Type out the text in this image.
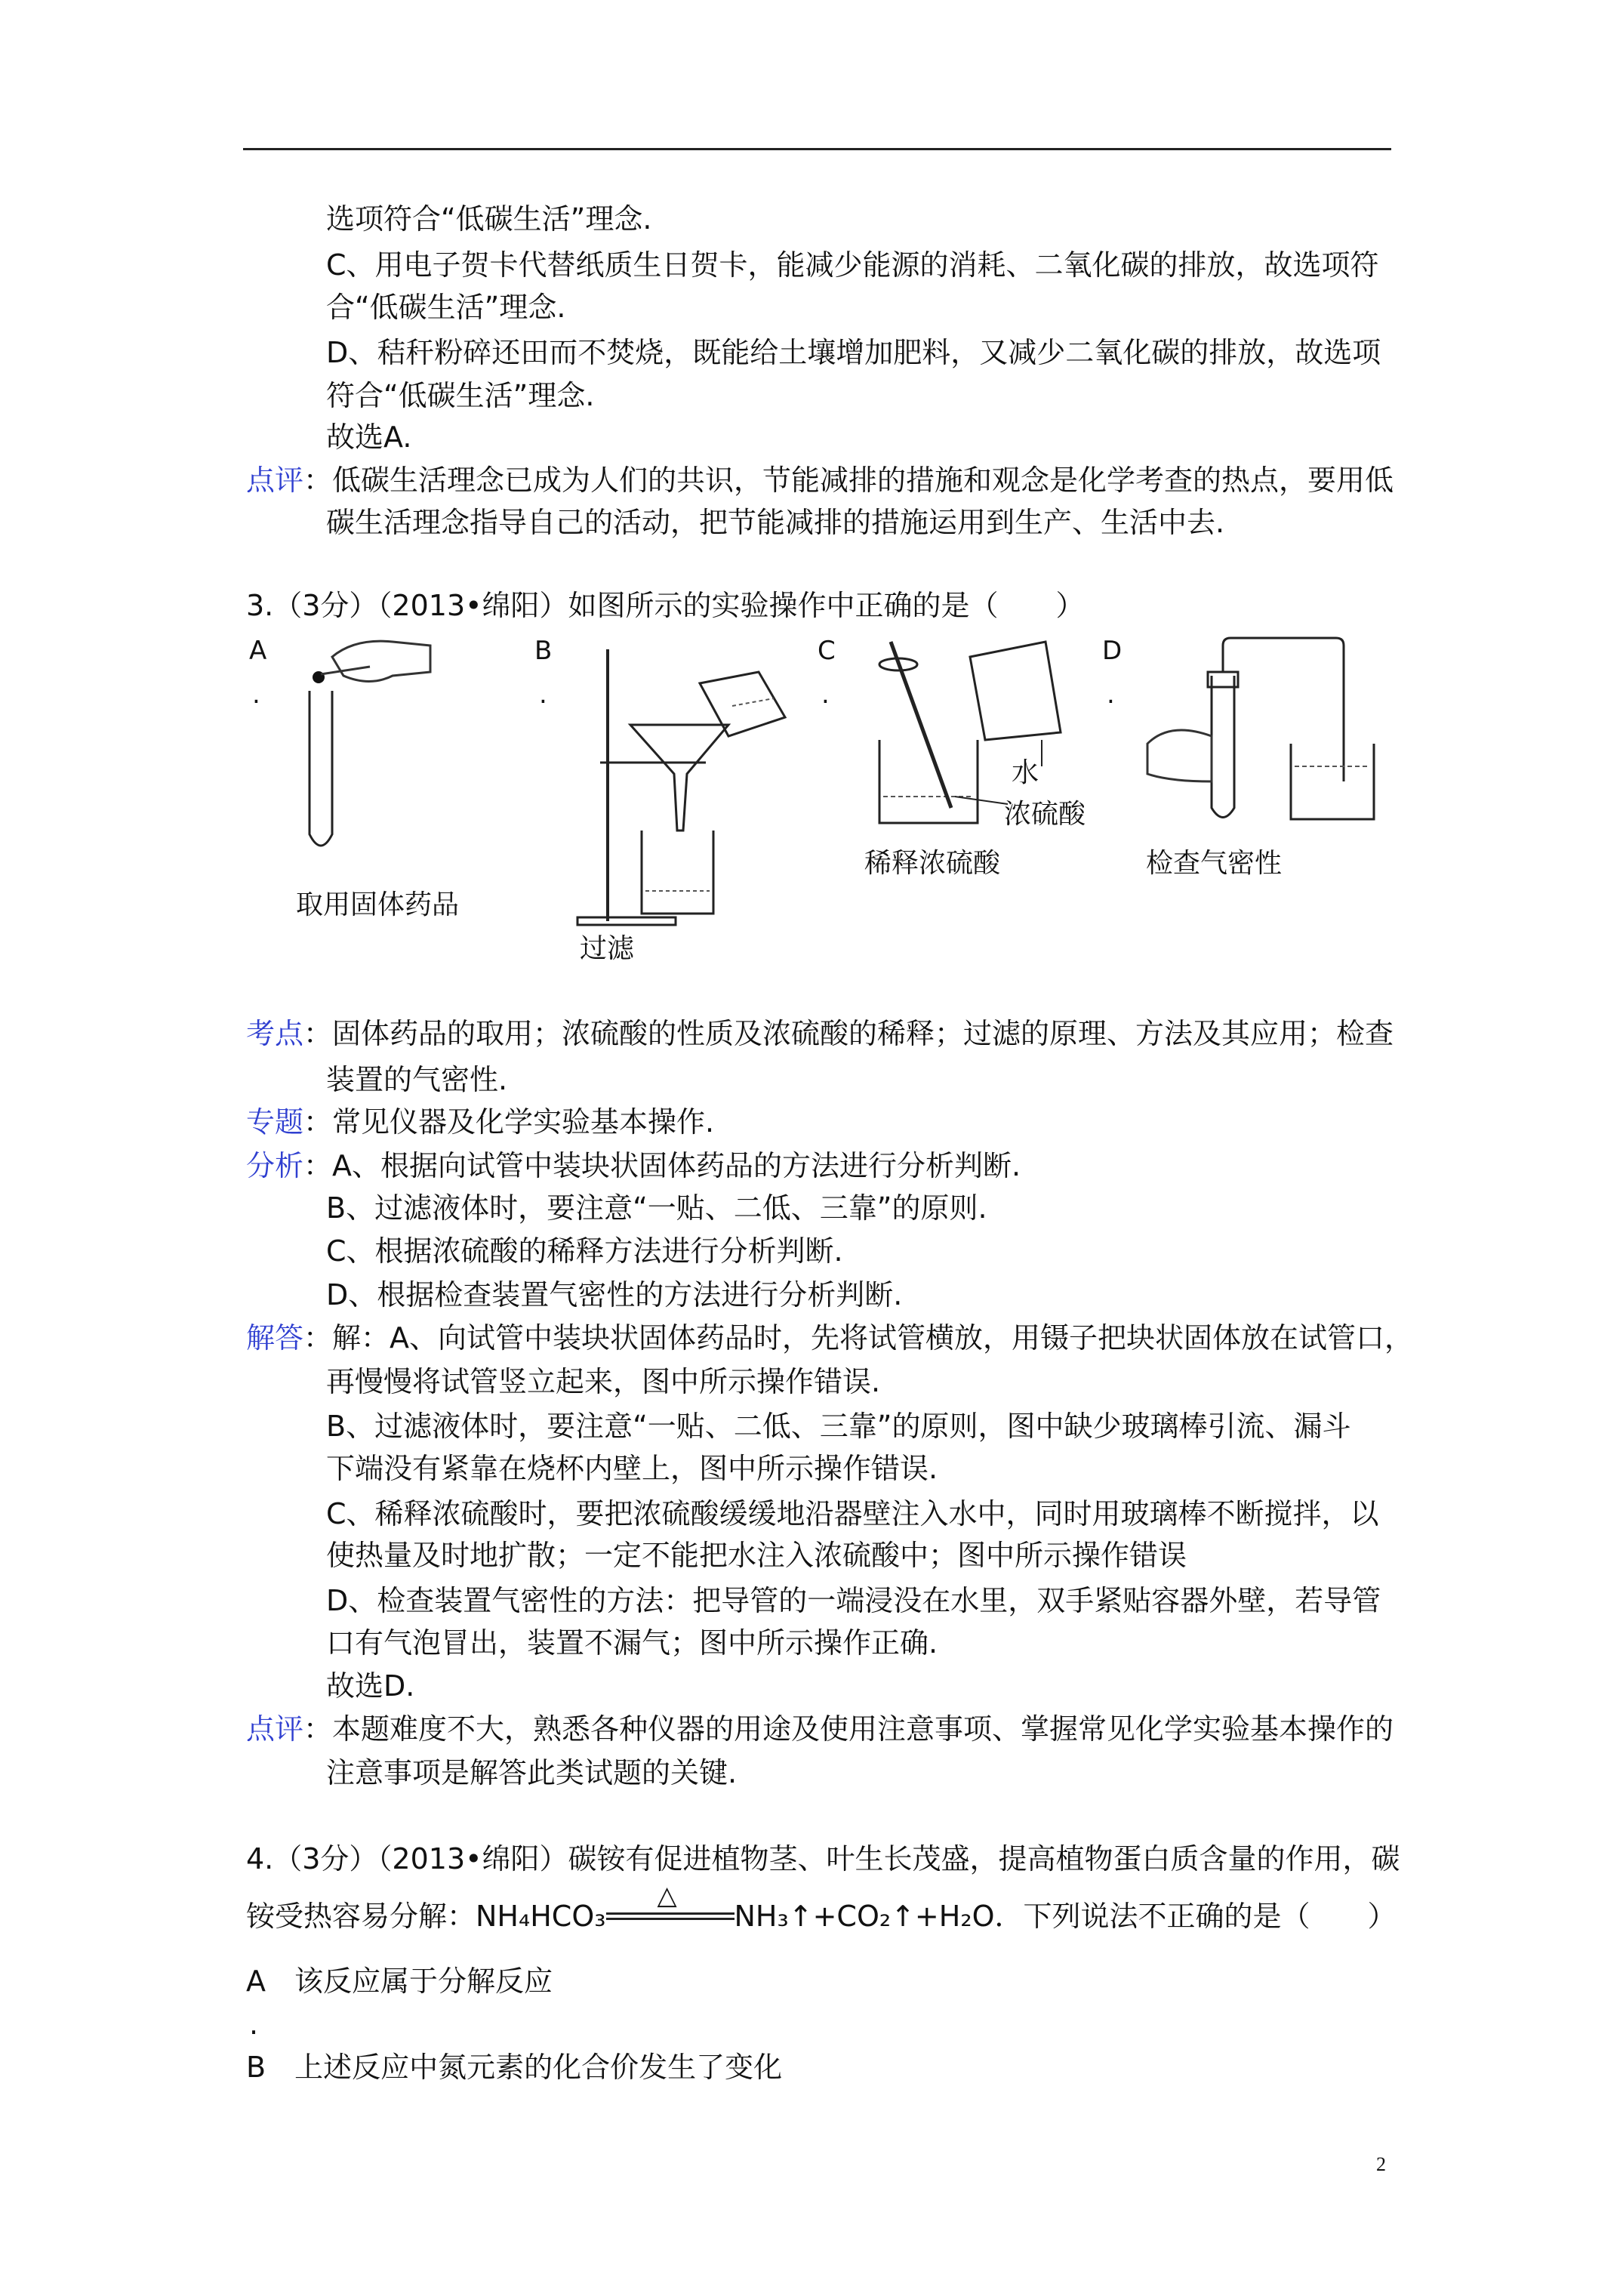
选项符合“低碳生活”理念.
C、用电子贺卡代替纸质生日贺卡，能减少能源的消耗、二氧化碳的排放，故选项符
合“低碳生活”理念.
D、秸秆粉碎还田而不焚烧，既能给土壤增加肥料，又减少二氧化碳的排放，故选项
符合“低碳生活”理念.
故选A.
点评：低碳生活理念已成为人们的共识，节能减排的措施和观念是化学考查的热点，要用低
碳生活理念指导自己的活动，把节能减排的措施运用到生产、生活中去.
3.（3分）（2013•绵阳）如图所示的实验操作中正确的是（　　）
A
.
取用固体药品
B
.
过滤
C
.
水
浓硫酸
稀释浓硫酸
D
.
检查气密性
考点：固体药品的取用；浓硫酸的性质及浓硫酸的稀释；过滤的原理、方法及其应用；检查
装置的气密性.
专题：常见仪器及化学实验基本操作.
分析：A、根据向试管中装块状固体药品的方法进行分析判断.
B、过滤液体时，要注意“一贴、二低、三靠”的原则.
C、根据浓硫酸的稀释方法进行分析判断.
D、根据检查装置气密性的方法进行分析判断.
解答：解：A、向试管中装块状固体药品时，先将试管横放，用镊子把块状固体放在试管口，
再慢慢将试管竖立起来，图中所示操作错误.
B、过滤液体时，要注意“一贴、二低、三靠”的原则，图中缺少玻璃棒引流、漏斗
下端没有紧靠在烧杯内壁上，图中所示操作错误.
C、稀释浓硫酸时，要把浓硫酸缓缓地沿器壁注入水中，同时用玻璃棒不断搅拌，以
使热量及时地扩散；一定不能把水注入浓硫酸中；图中所示操作错误
D、检查装置气密性的方法：把导管的一端浸没在水里，双手紧贴容器外壁，若导管
口有气泡冒出，装置不漏气；图中所示操作正确.
故选D.
点评：本题难度不大，熟悉各种仪器的用途及使用注意事项、掌握常见化学实验基本操作的
注意事项是解答此类试题的关键.
4.（3分）（2013•绵阳）碳铵有促进植物茎、叶生长茂盛，提高植物蛋白质含量的作用，碳
铵受热容易分解：NH₄HCO₃
△
NH₃↑+CO₂↑+H₂O．下列说法不正确的是（　　）
A　该反应属于分解反应
.
B　上述反应中氮元素的化合价发生了变化
2
